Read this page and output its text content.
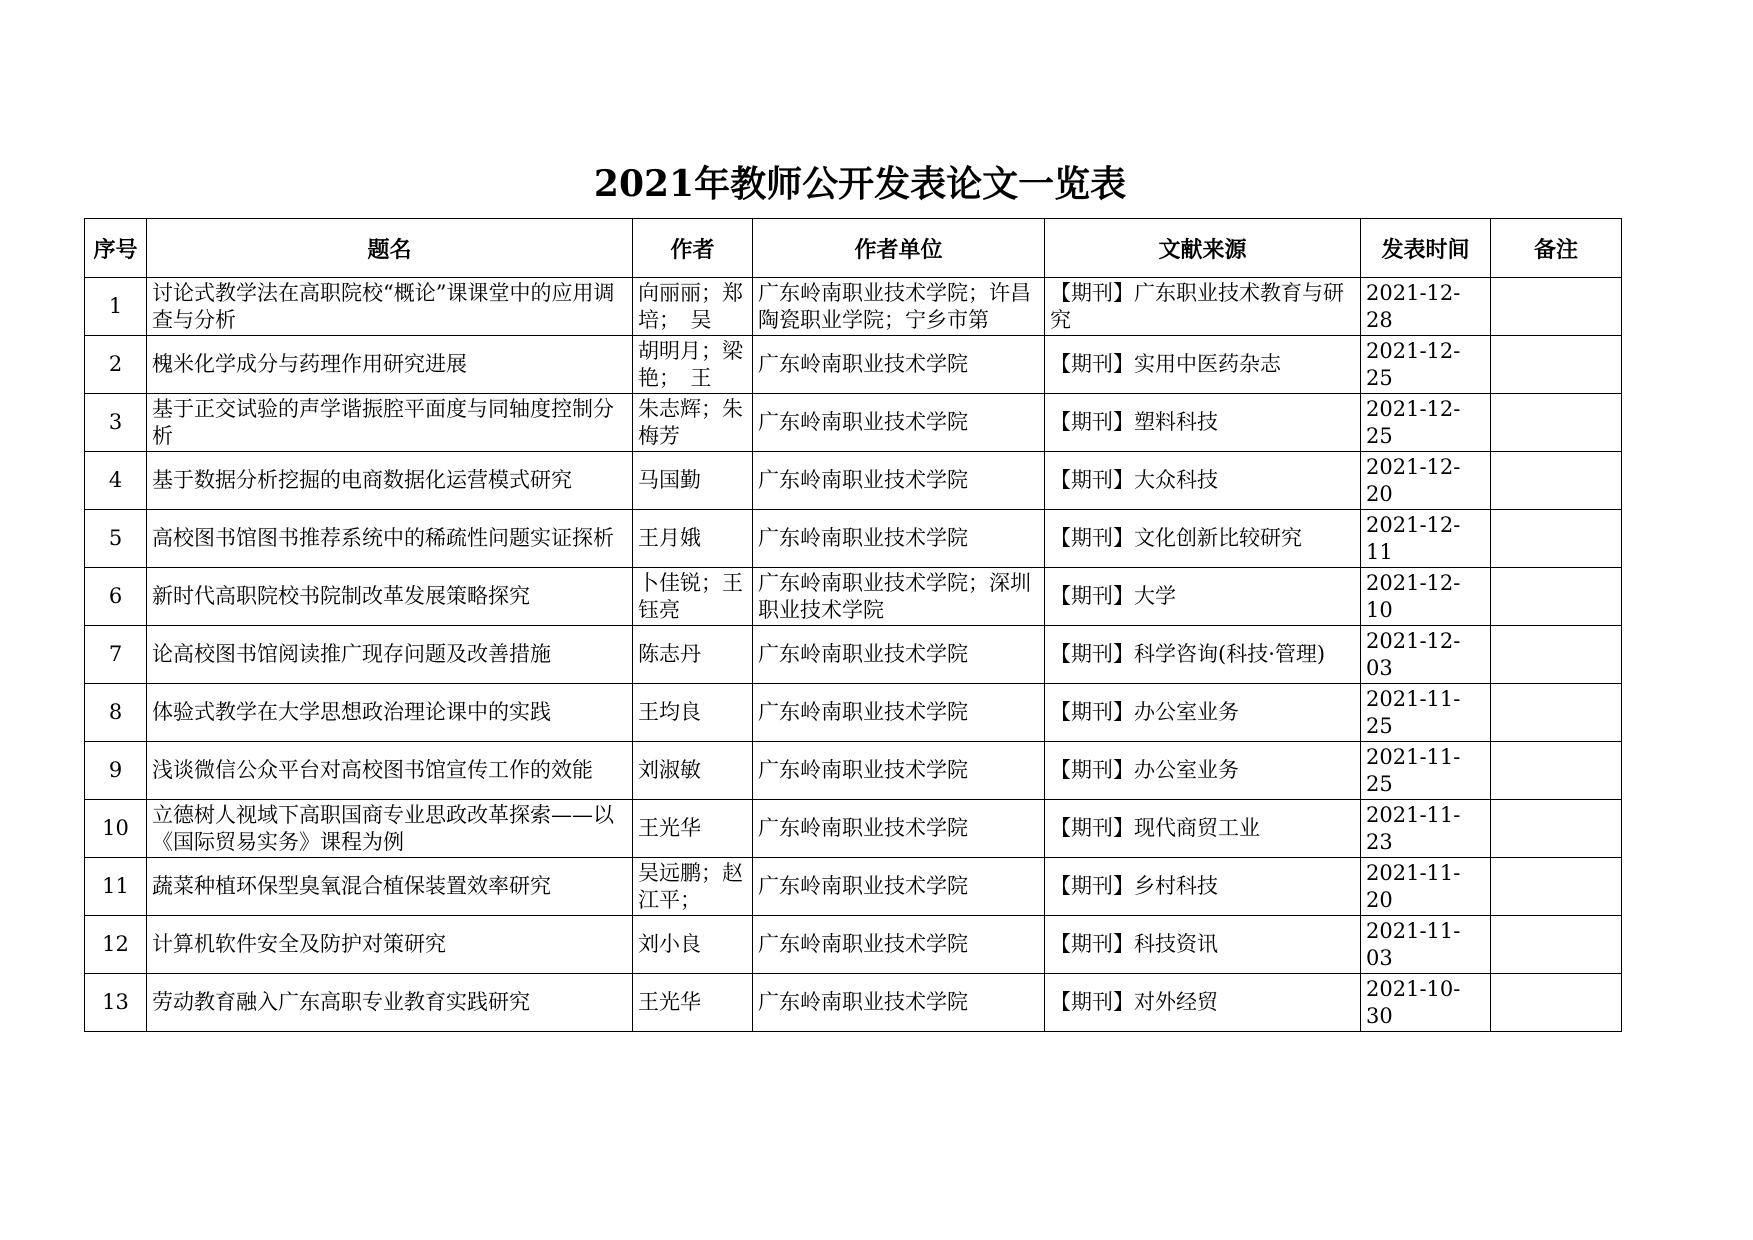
2021年教师公开发表论文一览表
序号	题名	作者	作者单位	文献来源	发表时间	备注

1	讨论式教学法在高职院校“概论”课课堂中的应用调查与分析	向丽丽；郑培；　吴	广东岭南职业技术学院；许昌陶瓷职业学院；宁乡市第	【期刊】广东职业技术教育与研究	2021-12-28	

2	槐米化学成分与药理作用研究进展	胡明月；梁艳；　王	广东岭南职业技术学院	【期刊】实用中医药杂志	2021-12-25	

3	基于正交试验的声学谐振腔平面度与同轴度控制分析	朱志辉；朱梅芳	广东岭南职业技术学院	【期刊】塑料科技	2021-12-25	

4	基于数据分析挖掘的电商数据化运营模式研究	马国勤	广东岭南职业技术学院	【期刊】大众科技	2021-12-20	

5	高校图书馆图书推荐系统中的稀疏性问题实证探析	王月娥	广东岭南职业技术学院	【期刊】文化创新比较研究	2021-12-11	

6	新时代高职院校书院制改革发展策略探究	卜佳锐；王钰亮	广东岭南职业技术学院；深圳职业技术学院	【期刊】大学	2021-12-10	

7	论高校图书馆阅读推广现存问题及改善措施	陈志丹	广东岭南职业技术学院	【期刊】科学咨询(科技·管理)	2021-12-03	

8	体验式教学在大学思想政治理论课中的实践	王均良	广东岭南职业技术学院	【期刊】办公室业务	2021-11-25	

9	浅谈微信公众平台对高校图书馆宣传工作的效能	刘淑敏	广东岭南职业技术学院	【期刊】办公室业务	2021-11-25	

10	立德树人视域下高职国商专业思政改革探索——以《国际贸易实务》课程为例	王光华	广东岭南职业技术学院	【期刊】现代商贸工业	2021-11-23	

11	蔬菜种植环保型臭氧混合植保装置效率研究	吴远鹏；赵江平；	广东岭南职业技术学院	【期刊】乡村科技	2021-11-20	

12	计算机软件安全及防护对策研究	刘小良	广东岭南职业技术学院	【期刊】科技资讯	2021-11-03	

13	劳动教育融入广东高职专业教育实践研究	王光华	广东岭南职业技术学院	【期刊】对外经贸	2021-10-30	
